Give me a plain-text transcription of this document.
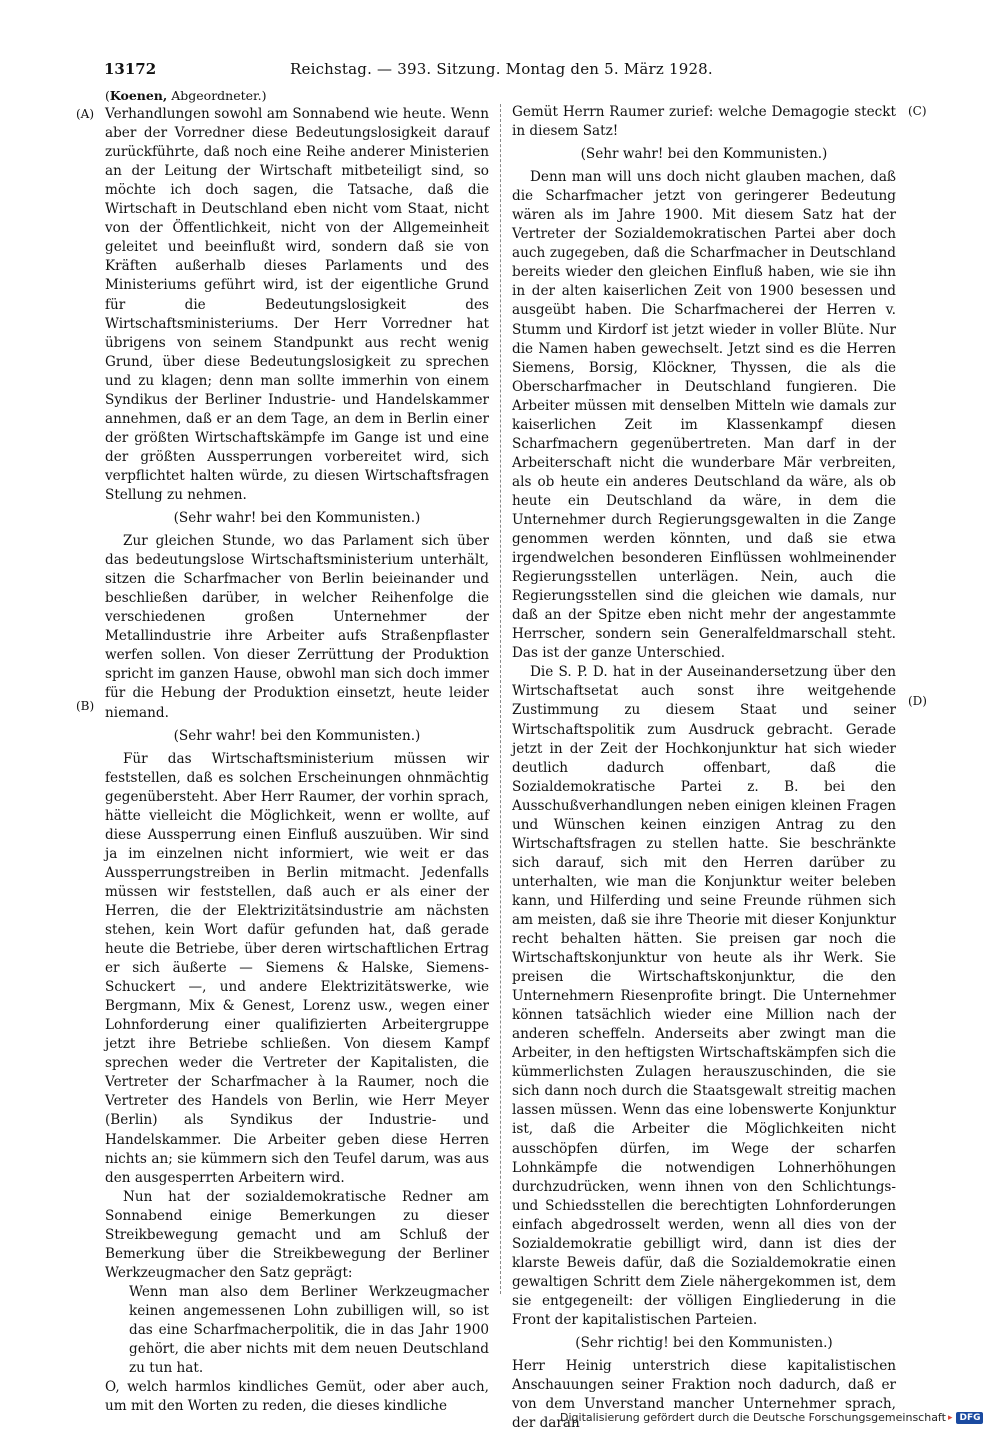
13172	Reichstag. — 393. Sitzung. Montag den 5. März 1928.
(A)
(B)
(C)
(D)

(Koenen, Abgeordneter.)

Verhandlungen sowohl am Sonnabend wie heute. Wenn aber der Vorredner diese Bedeutungslosigkeit darauf zurückführte, daß noch eine Reihe anderer Ministerien an der Leitung der Wirtschaft mitbeteiligt sind, so möchte ich doch sagen, die Tatsache, daß die Wirtschaft in Deutschland eben nicht vom Staat, nicht von der Öffentlichkeit, nicht von der Allgemeinheit geleitet und beeinflußt wird, sondern daß sie von Kräften außerhalb dieses Parlaments und des Ministeriums geführt wird, ist der eigentliche Grund für die Bedeutungslosigkeit des Wirtschaftsministeriums. Der Herr Vorredner hat übrigens von seinem Standpunkt aus recht wenig Grund, über diese Bedeutungslosigkeit zu sprechen und zu klagen; denn man sollte immerhin von einem Syndikus der Berliner Industrie- und Handelskammer annehmen, daß er an dem Tage, an dem in Berlin einer der größten Wirtschaftskämpfe im Gange ist und eine der größten Aussperrungen vorbereitet wird, sich verpflichtet halten würde, zu diesen Wirtschaftsfragen Stellung zu nehmen.

(Sehr wahr! bei den Kommunisten.)

Zur gleichen Stunde, wo das Parlament sich über das bedeutungslose Wirtschaftsministerium unterhält, sitzen die Scharfmacher von Berlin beieinander und beschließen darüber, in welcher Reihenfolge die verschiedenen großen Unternehmer der Metallindustrie ihre Arbeiter aufs Straßenpflaster werfen sollen. Von dieser Zerrüttung der Produktion spricht im ganzen Hause, obwohl man sich doch immer für die Hebung der Produktion einsetzt, heute leider niemand.

(Sehr wahr! bei den Kommunisten.)

Für das Wirtschaftsministerium müssen wir feststellen, daß es solchen Erscheinungen ohnmächtig gegenübersteht. Aber Herr Raumer, der vorhin sprach, hätte vielleicht die Möglichkeit, wenn er wollte, auf diese Aussperrung einen Einfluß auszuüben. Wir sind ja im einzelnen nicht informiert, wie weit er das Aussperrungstreiben in Berlin mitmacht. Jedenfalls müssen wir feststellen, daß auch er als einer der Herren, die der Elektrizitätsindustrie am nächsten stehen, kein Wort dafür gefunden hat, daß gerade heute die Betriebe, über deren wirtschaftlichen Ertrag er sich äußerte — Siemens & Halske, Siemens-Schuckert —, und andere Elektrizitätswerke, wie Bergmann, Mix & Genest, Lorenz usw., wegen einer Lohnforderung einer qualifizierten Arbeitergruppe jetzt ihre Betriebe schließen. Von diesem Kampf sprechen weder die Vertreter der Kapitalisten, die Vertreter der Scharfmacher à la Raumer, noch die Vertreter des Handels von Berlin, wie Herr Meyer (Berlin) als Syndikus der Industrie- und Handelskammer. Die Arbeiter geben diese Herren nichts an; sie kümmern sich den Teufel darum, was aus den ausgesperrten Arbeitern wird.

Nun hat der sozialdemokratische Redner am Sonnabend einige Bemerkungen zu dieser Streikbewegung gemacht und am Schluß der Bemerkung über die Streikbewegung der Berliner Werkzeugmacher den Satz geprägt:

Wenn man also dem Berliner Werkzeugmacher keinen angemessenen Lohn zubilligen will, so ist das eine Scharfmacherpolitik, die in das Jahr 1900 gehört, die aber nichts mit dem neuen Deutschland zu tun hat.

O, welch harmlos kindliches Gemüt, oder aber auch, um mit den Worten zu reden, die dieses kindliche

Gemüt Herrn Raumer zurief: welche Demagogie steckt in diesem Satz!

(Sehr wahr! bei den Kommunisten.)

Denn man will uns doch nicht glauben machen, daß die Scharfmacher jetzt von geringerer Bedeutung wären als im Jahre 1900. Mit diesem Satz hat der Vertreter der Sozialdemokratischen Partei aber doch auch zugegeben, daß die Scharfmacher in Deutschland bereits wieder den gleichen Einfluß haben, wie sie ihn in der alten kaiserlichen Zeit von 1900 besessen und ausgeübt haben. Die Scharfmacherei der Herren v. Stumm und Kirdorf ist jetzt wieder in voller Blüte. Nur die Namen haben gewechselt. Jetzt sind es die Herren Siemens, Borsig, Klöckner, Thyssen, die als die Oberscharfmacher in Deutschland fungieren. Die Arbeiter müssen mit denselben Mitteln wie damals zur kaiserlichen Zeit im Klassenkampf diesen Scharfmachern gegenübertreten. Man darf in der Arbeiterschaft nicht die wunderbare Mär verbreiten, als ob heute ein anderes Deutschland da wäre, als ob heute ein Deutschland da wäre, in dem die Unternehmer durch Regierungsgewalten in die Zange genommen werden könnten, und daß sie etwa irgendwelchen besonderen Einflüssen wohlmeinender Regierungsstellen unterlägen. Nein, auch die Regierungsstellen sind die gleichen wie damals, nur daß an der Spitze eben nicht mehr der angestammte Herrscher, sondern sein Generalfeldmarschall steht. Das ist der ganze Unterschied.

Die S. P. D. hat in der Auseinandersetzung über den Wirtschaftsetat auch sonst ihre weitgehende Zustimmung zu diesem Staat und seiner Wirtschaftspolitik zum Ausdruck gebracht. Gerade jetzt in der Zeit der Hochkonjunktur hat sich wieder deutlich dadurch offenbart, daß die Sozialdemokratische Partei z. B. bei den Ausschußverhandlungen neben einigen kleinen Fragen und Wünschen keinen einzigen Antrag zu den Wirtschaftsfragen zu stellen hatte. Sie beschränkte sich darauf, sich mit den Herren darüber zu unterhalten, wie man die Konjunktur weiter beleben kann, und Hilferding und seine Freunde rühmen sich am meisten, daß sie ihre Theorie mit dieser Konjunktur recht behalten hätten. Sie preisen gar noch die Wirtschaftskonjunktur von heute als ihr Werk. Sie preisen die Wirtschaftskonjunktur, die den Unternehmern Riesenprofite bringt. Die Unternehmer können tatsächlich wieder eine Million nach der anderen scheffeln. Anderseits aber zwingt man die Arbeiter, in den heftigsten Wirtschaftskämpfen sich die kümmerlichsten Zulagen herauszuschinden, die sie sich dann noch durch die Staatsgewalt streitig machen lassen müssen. Wenn das eine lobenswerte Konjunktur ist, daß die Arbeiter die Möglichkeiten nicht ausschöpfen dürfen, im Wege der scharfen Lohnkämpfe die notwendigen Lohnerhöhungen durchzudrücken, wenn ihnen von den Schlichtungs- und Schiedsstellen die berechtigten Lohnforderungen einfach abgedrosselt werden, wenn all dies von der Sozialdemokratie gebilligt wird, dann ist dies der klarste Beweis dafür, daß die Sozialdemokratie einen gewaltigen Schritt dem Ziele nähergekommen ist, dem sie entgegeneilt: der völligen Eingliederung in die Front der kapitalistischen Parteien.

(Sehr richtig! bei den Kommunisten.)

Herr Heinig unterstrich diese kapitalistischen Anschauungen seiner Fraktion noch dadurch, daß er von dem Unverstand mancher Unternehmer sprach, der daran

Digitalisierung gefördert durch die Deutsche Forschungsgemeinschaft ▸ DFG
